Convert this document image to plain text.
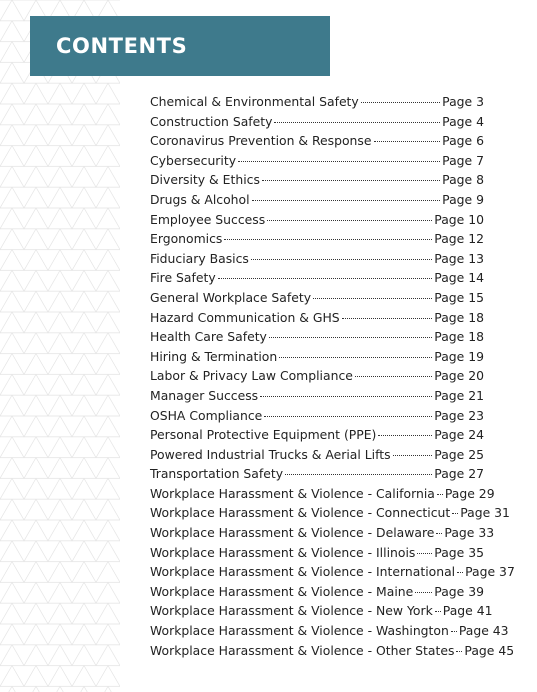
CONTENTS
Chemical & Environmental Safety	Page 3
Construction Safety	Page 4
Coronavirus Prevention & Response	Page 6
Cybersecurity	Page 7
Diversity & Ethics	Page 8
Drugs & Alcohol	Page 9
Employee Success	Page 10
Ergonomics	Page 12
Fiduciary Basics	Page 13
Fire Safety	Page 14
General Workplace Safety	Page 15
Hazard Communication & GHS	Page 18
Health Care Safety	Page 18
Hiring & Termination	Page 19
Labor & Privacy Law Compliance	Page 20
Manager Success	Page 21
OSHA Compliance	Page 23
Personal Protective Equipment (PPE)	Page 24
Powered Industrial Trucks & Aerial Lifts	Page 25
Transportation Safety	Page 27
Workplace Harassment & Violence - California Page 29
Workplace Harassment & Violence - Connecticut Page 31
Workplace Harassment & Violence - Delaware Page 33
Workplace Harassment & Violence - Illinois Page 35
Workplace Harassment & Violence - International Page 37
Workplace Harassment & Violence - Maine Page 39
Workplace Harassment & Violence - New York Page 41
Workplace Harassment & Violence - Washington Page 43
Workplace Harassment & Violence - Other States Page 45
